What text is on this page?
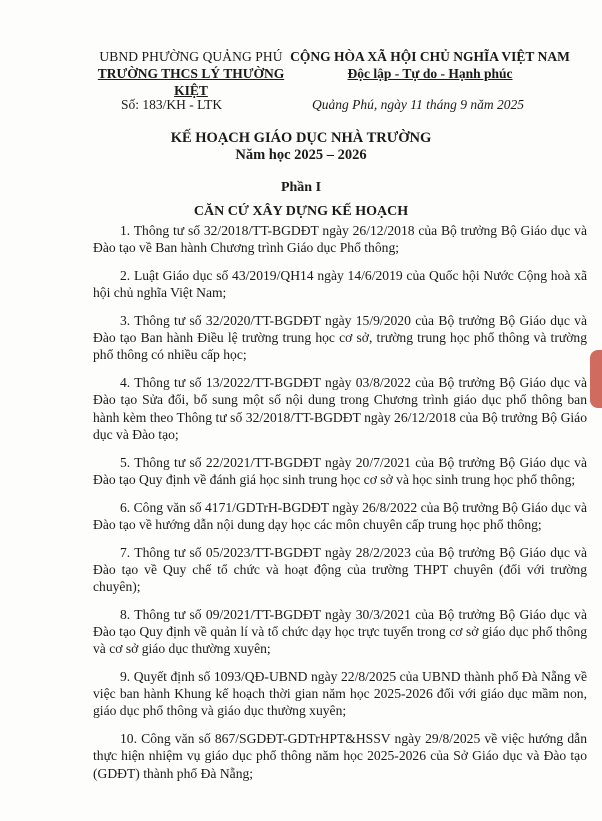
UBND PHƯỜNG QUẢNG PHÚ
TRƯỜNG THCS LÝ THƯỜNG KIỆT
CỘNG HÒA XÃ HỘI CHỦ NGHĨA VIỆT NAM
Độc lập - Tự do - Hạnh phúc
Số: 183/KH - LTK	Quảng Phú, ngày 11 tháng 9 năm 2025
KẾ HOẠCH GIÁO DỤC NHÀ TRƯỜNG
Năm học 2025 – 2026
Phần I
CĂN CỨ XÂY DỰNG KẾ HOẠCH

1. Thông tư số 32/2018/TT-BGDĐT ngày 26/12/2018 của Bộ trưởng Bộ Giáo dục và Đào tạo về Ban hành Chương trình Giáo dục Phổ thông;

2. Luật Giáo dục số 43/2019/QH14 ngày 14/6/2019 của Quốc hội Nước Cộng hoà xã hội chủ nghĩa Việt Nam;

3. Thông tư số 32/2020/TT-BGDĐT ngày 15/9/2020 của Bộ trưởng Bộ Giáo dục và Đào tạo Ban hành Điều lệ trường trung học cơ sở, trường trung học phổ thông và trường phổ thông có nhiều cấp học;

4. Thông tư số 13/2022/TT-BGDĐT ngày 03/8/2022 của Bộ trưởng Bộ Giáo dục và Đào tạo Sửa đổi, bổ sung một số nội dung trong Chương trình giáo dục phổ thông ban hành kèm theo Thông tư số 32/2018/TT-BGDĐT ngày 26/12/2018 của Bộ trưởng Bộ Giáo dục và Đào tạo;

5. Thông tư số 22/2021/TT-BGDĐT ngày 20/7/2021 của Bộ trưởng Bộ Giáo dục và Đào tạo Quy định về đánh giá học sinh trung học cơ sở và học sinh trung học phổ thông;

6. Công văn số 4171/GDTrH-BGDĐT ngày 26/8/2022 của Bộ trưởng Bộ Giáo dục và Đào tạo về hướng dẫn nội dung dạy học các môn chuyên cấp trung học phổ thông;

7. Thông tư số 05/2023/TT-BGDĐT ngày 28/2/2023 của Bộ trưởng Bộ Giáo dục và Đào tạo về Quy chế tổ chức và hoạt động của trường THPT chuyên (đối với trường chuyên);

8. Thông tư số 09/2021/TT-BGDĐT ngày 30/3/2021 của Bộ trưởng Bộ Giáo dục và Đào tạo Quy định về quản lí và tổ chức dạy học trực tuyến trong cơ sở giáo dục phổ thông và cơ sở giáo dục thường xuyên;

9. Quyết định số 1093/QĐ-UBND ngày 22/8/2025 của UBND thành phố Đà Nẵng về việc ban hành Khung kế hoạch thời gian năm học 2025-2026 đối với giáo dục mầm non, giáo dục phổ thông và giáo dục thường xuyên;

10. Công văn số 867/SGDĐT-GDTrHPT&HSSV ngày 29/8/2025 về việc hướng dẫn thực hiện nhiệm vụ giáo dục phổ thông năm học 2025-2026 của Sở Giáo dục và Đào tạo (GDĐT) thành phố Đà Nẵng;
